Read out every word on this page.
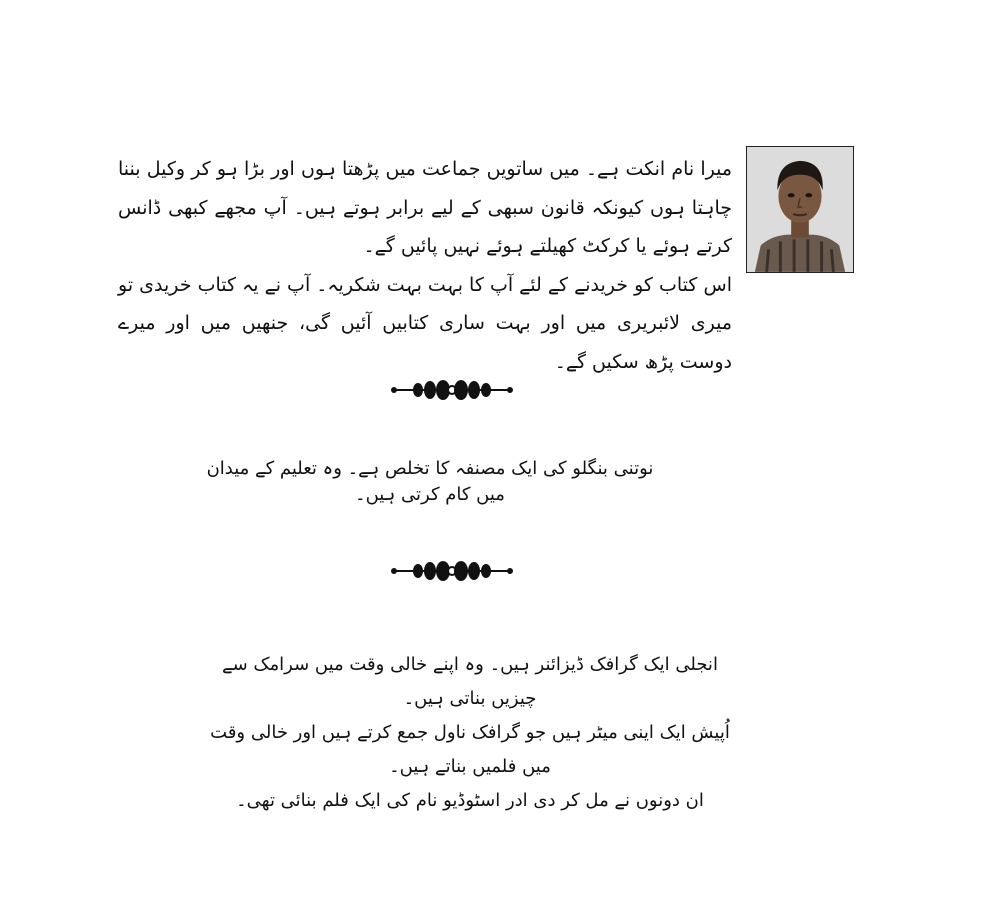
میرا نام انکت ہے۔ میں ساتویں جماعت میں پڑھتا ہوں اور بڑا ہو کر وکیل بننا چاہتا ہوں کیونکہ قانون سبھی کے لیے برابر ہوتے ہیں۔ آپ مجھے کبھی ڈانس کرتے ہوئے یا کرکٹ کھیلتے ہوئے نہیں پائیں گے۔

اس کتاب کو خریدنے کے لئے آپ کا بہت بہت شکریہ۔ آپ نے یہ کتاب خریدی تو میری لائبریری میں اور بہت ساری کتابیں آئیں گی، جنھیں میں اور میرے دوست پڑھ سکیں گے۔

نوتنی بنگلو کی ایک مصنفہ کا تخلص ہے۔ وہ تعلیم کے میدان میں کام کرتی ہیں۔

انجلی ایک گرافک ڈیزائنر ہیں۔ وہ اپنے خالی وقت میں سرامک سے چیزیں بناتی ہیں۔

اُپیش ایک اینی میٹر ہیں جو گرافک ناول جمع کرتے ہیں اور خالی وقت میں فلمیں بناتے ہیں۔

ان دونوں نے مل کر دی ادر اسٹوڈیو نام کی ایک فلم بنائی تھی۔
